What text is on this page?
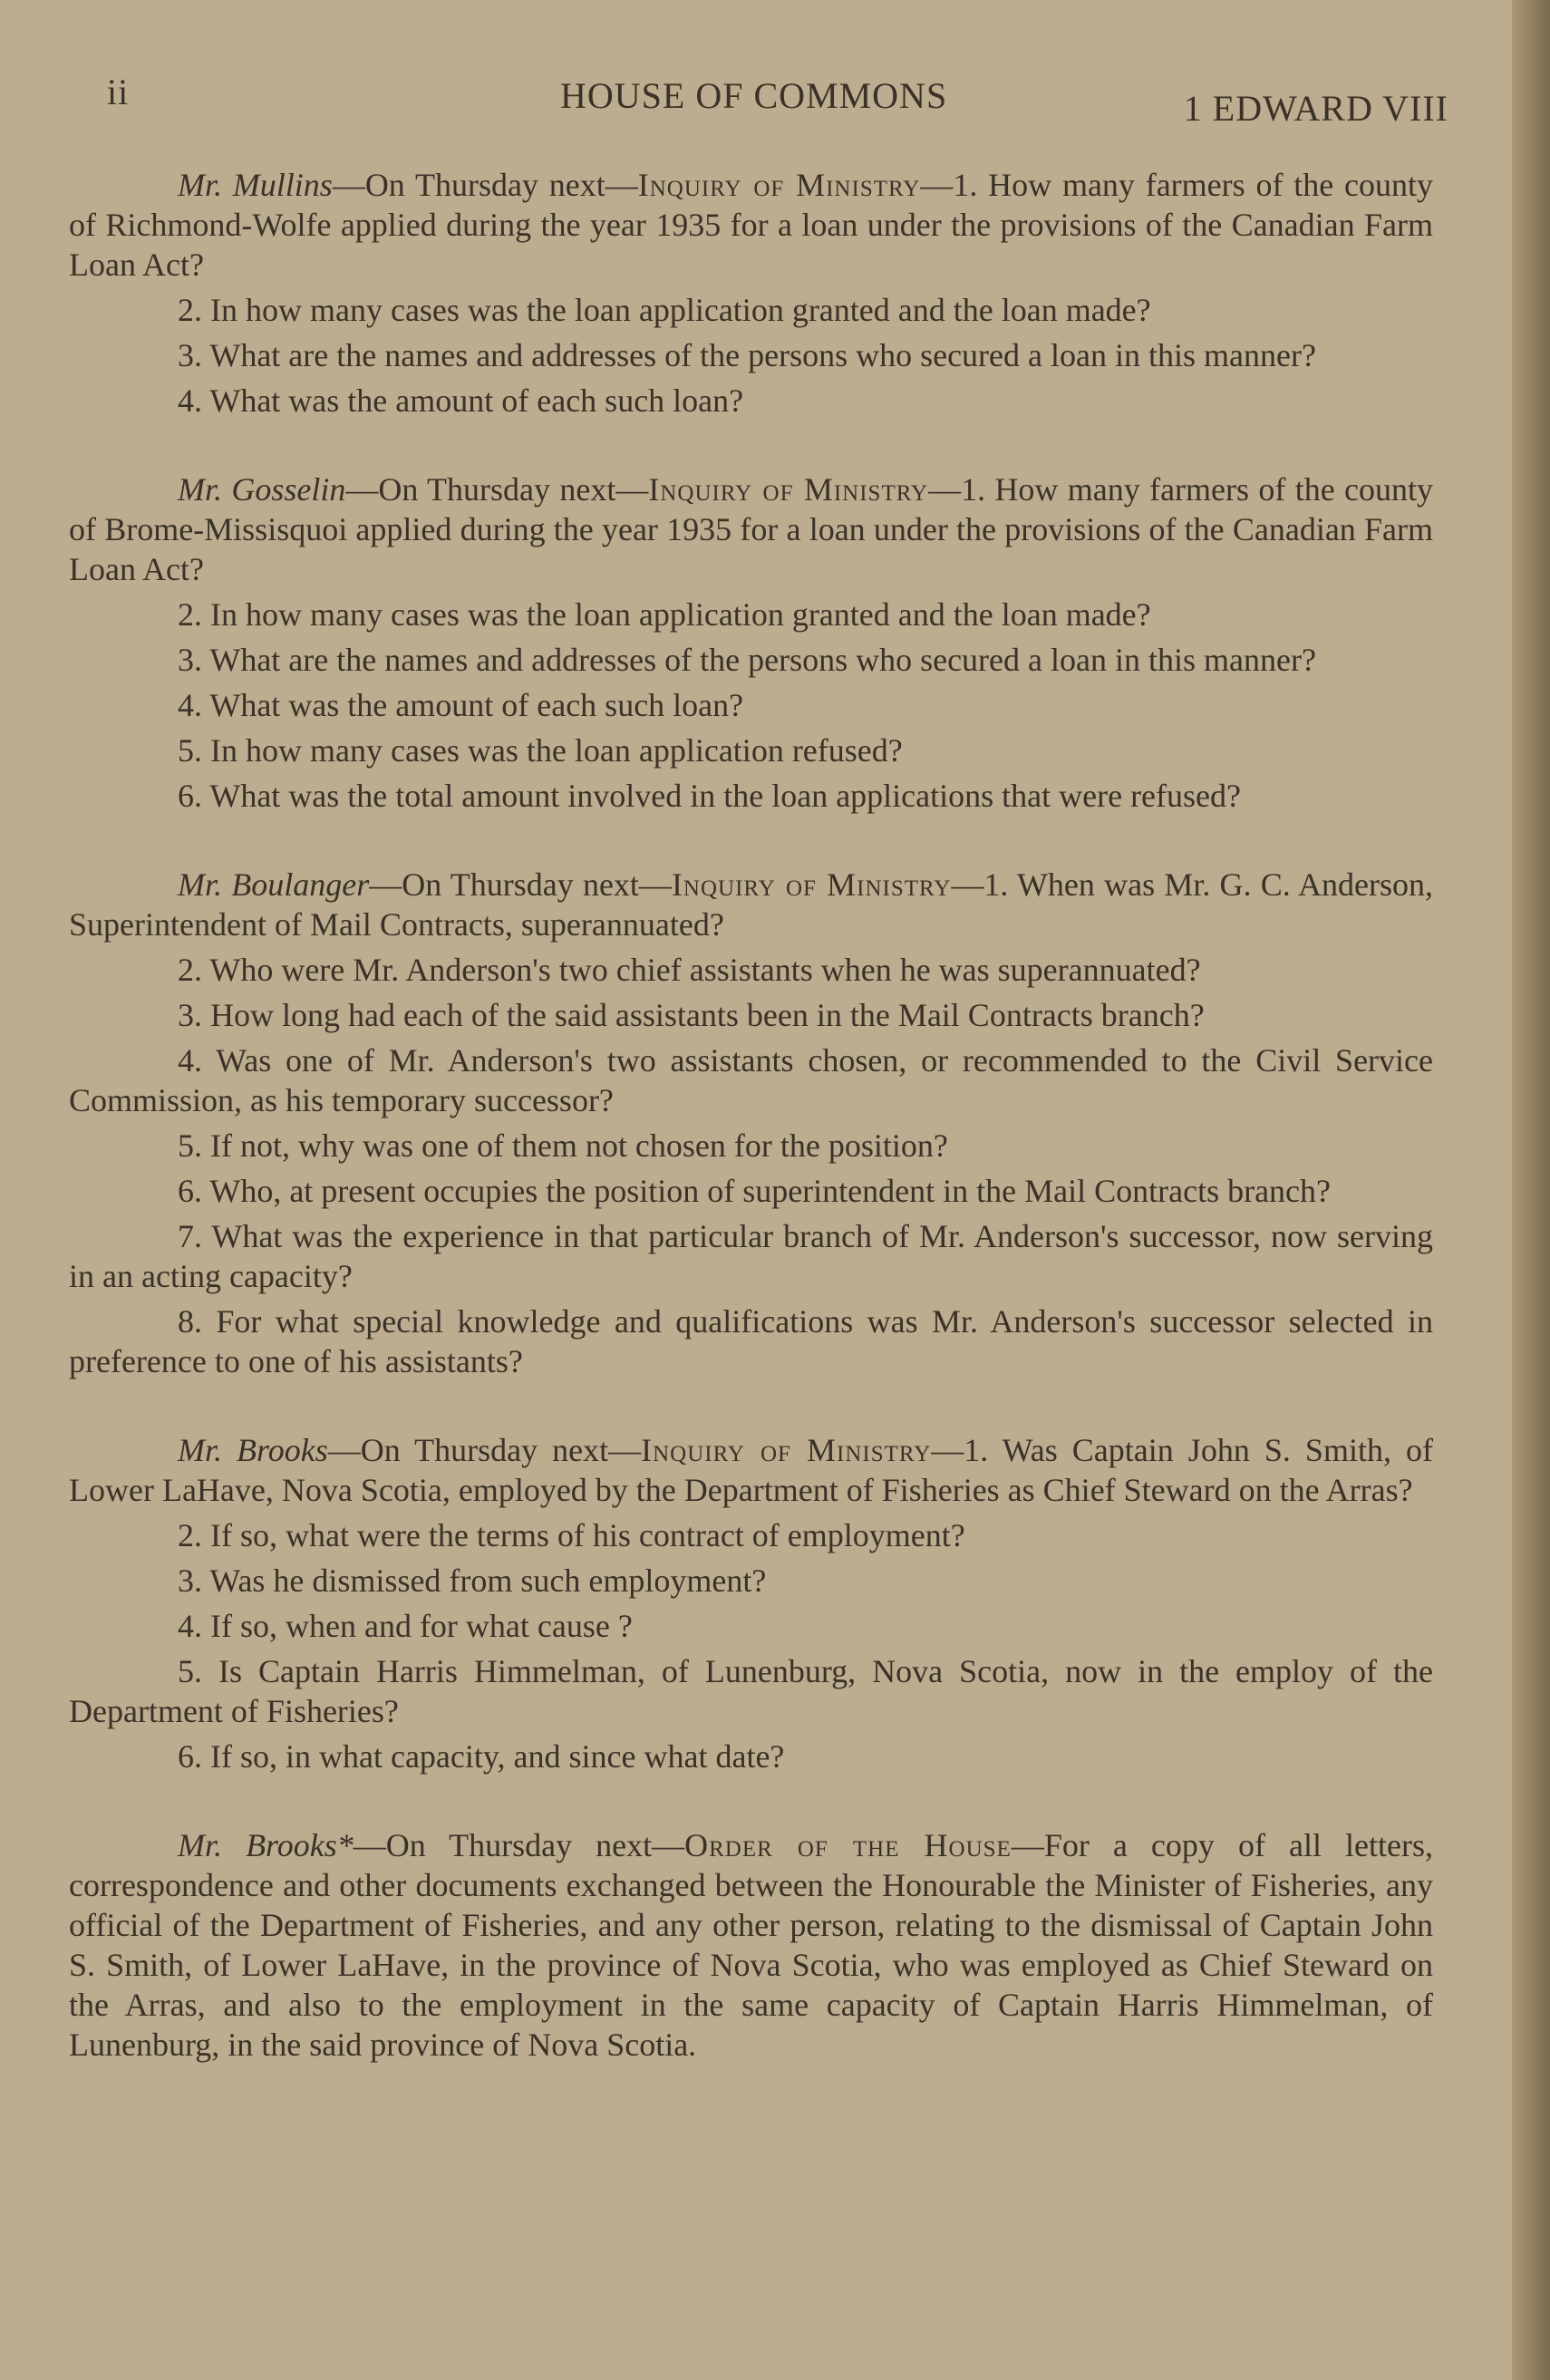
ii	HOUSE OF COMMONS	1 EDWARD VIII

Mr. Mullins—On Thursday next—Inquiry of Ministry—1. How many farmers of the county of Richmond-Wolfe applied during the year 1935 for a loan under the provisions of the Canadian Farm Loan Act?

2. In how many cases was the loan application granted and the loan made?

3. What are the names and addresses of the persons who secured a loan in this manner?

4. What was the amount of each such loan?

Mr. Gosselin—On Thursday next—Inquiry of Ministry—1. How many farmers of the county of Brome-Missisquoi applied during the year 1935 for a loan under the provisions of the Canadian Farm Loan Act?

2. In how many cases was the loan application granted and the loan made?

3. What are the names and addresses of the persons who secured a loan in this manner?

4. What was the amount of each such loan?

5. In how many cases was the loan application refused?

6. What was the total amount involved in the loan applications that were refused?

Mr. Boulanger—On Thursday next—Inquiry of Ministry—1. When was Mr. G. C. Anderson, Superintendent of Mail Contracts, superannuated?

2. Who were Mr. Anderson's two chief assistants when he was superannuated?

3. How long had each of the said assistants been in the Mail Contracts branch?

4. Was one of Mr. Anderson's two assistants chosen, or recommended to the Civil Service Commission, as his temporary successor?

5. If not, why was one of them not chosen for the position?

6. Who, at present occupies the position of superintendent in the Mail Contracts branch?

7. What was the experience in that particular branch of Mr. Anderson's successor, now serving in an acting capacity?

8. For what special knowledge and qualifications was Mr. Anderson's successor selected in preference to one of his assistants?

Mr. Brooks—On Thursday next—Inquiry of Ministry—1. Was Captain John S. Smith, of Lower LaHave, Nova Scotia, employed by the Department of Fisheries as Chief Steward on the Arras?

2. If so, what were the terms of his contract of employment?

3. Was he dismissed from such employment?

4. If so, when and for what cause ?

5. Is Captain Harris Himmelman, of Lunenburg, Nova Scotia, now in the employ of the Department of Fisheries?

6. If so, in what capacity, and since what date?

Mr. Brooks*—On Thursday next—Order of the House—For a copy of all letters, correspondence and other documents exchanged between the Honourable the Minister of Fisheries, any official of the Department of Fisheries, and any other person, relating to the dismissal of Captain John S. Smith, of Lower LaHave, in the province of Nova Scotia, who was employed as Chief Steward on the Arras, and also to the employment in the same capacity of Captain Harris Himmelman, of Lunenburg, in the said province of Nova Scotia.
